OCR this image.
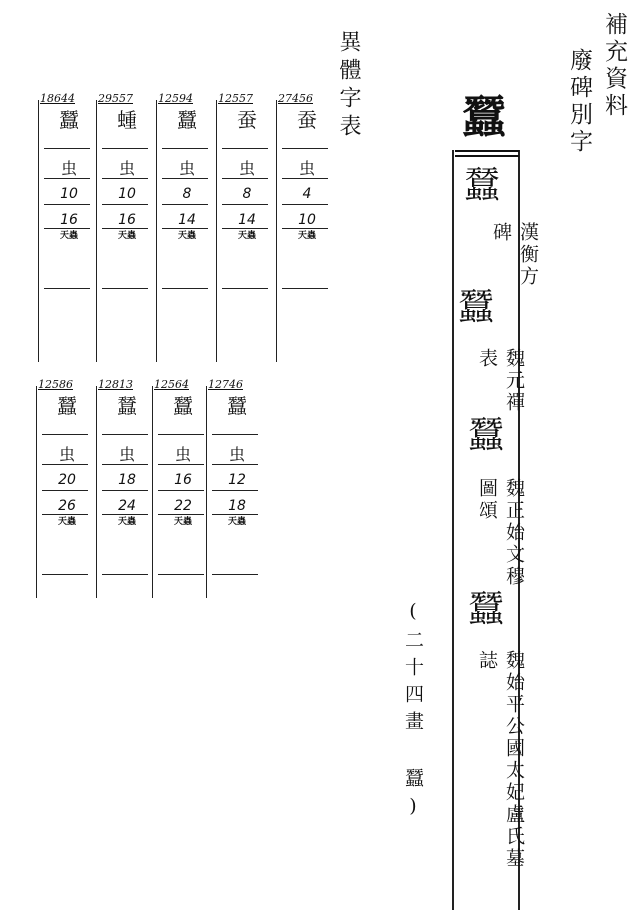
補充資料
廢碑別字
異體字表 蠶
蠺
漢衡方碑
蠶
魏元禪表
蠶
魏正始文穆圖頌
蠶
魏始平公國太妃盧氏墓誌
(二十四畫 蠶)
18644
蠶
虫
10
16
天蟲
29557
蝩
虫
10
16
天蟲
12594
蠶
虫
8
14
天蟲
12557
蚕
虫
8
14
天蟲
27456
蚕
虫
4
10
天蟲
12586
蠶
虫
20
26
天蟲
12813
蠺
虫
18
24
天蟲
12564
蠶
虫
16
22
天蟲
12746
蠶
虫
12
18
天蟲
